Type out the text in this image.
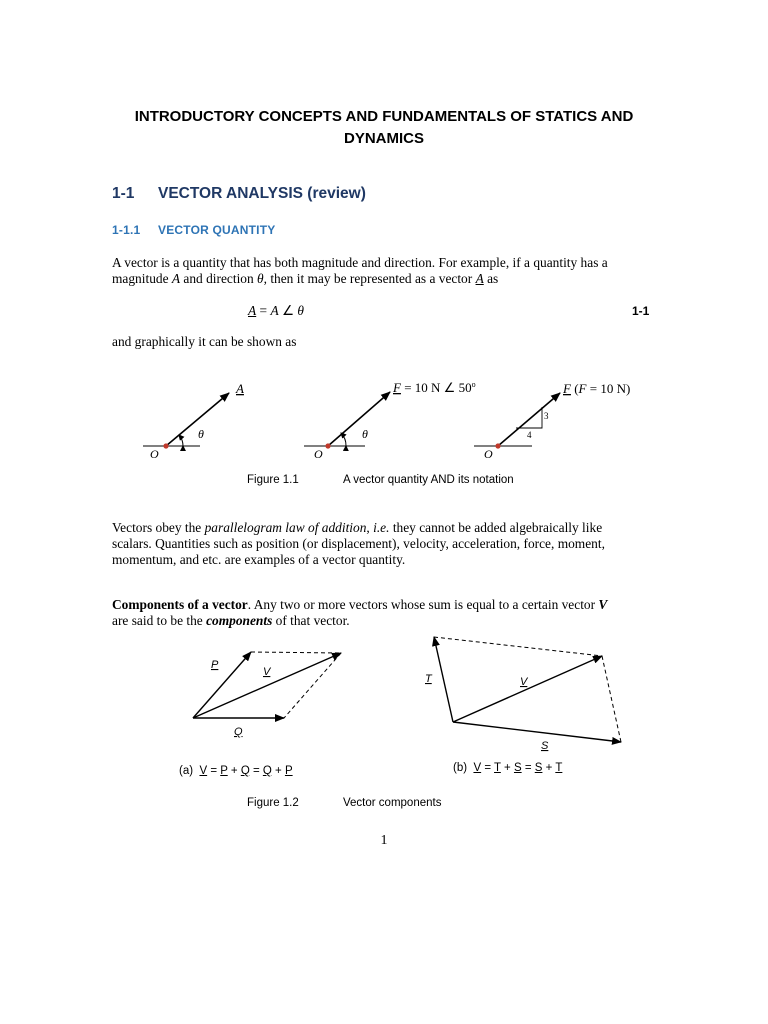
INTRODUCTORY CONCEPTS AND FUNDAMENTALS OF STATICS AND
DYNAMICS
1-1 VECTOR ANALYSIS (review)
1-1.1 VECTOR QUANTITY
A vector is a quantity that has both magnitude and direction. For example, if a quantity has a
magnitude A and direction θ, then it may be represented as a vector A as
A = A ∠ θ	1-1
and graphically it can be shown as
A
θ
O
F = 10 N ∠ 50$^o$
θ
O
F (F = 10 N)
3
4
O
Figure 1.1	A vector quantity AND its notation
Vectors obey the parallelogram law of addition, i.e. they cannot be added algebraically like
scalars. Quantities such as position (or displacement), velocity, acceleration, force, moment,
momentum, and etc. are examples of a vector quantity.
Components of a vector. Any two or more vectors whose sum is equal to a certain vector V
are said to be the components of that vector.
P
V
Q
T	V
S
(a)  V = P + Q = Q + P	(b)  V = T + S = S + T
Figure 1.2	Vector components
1
